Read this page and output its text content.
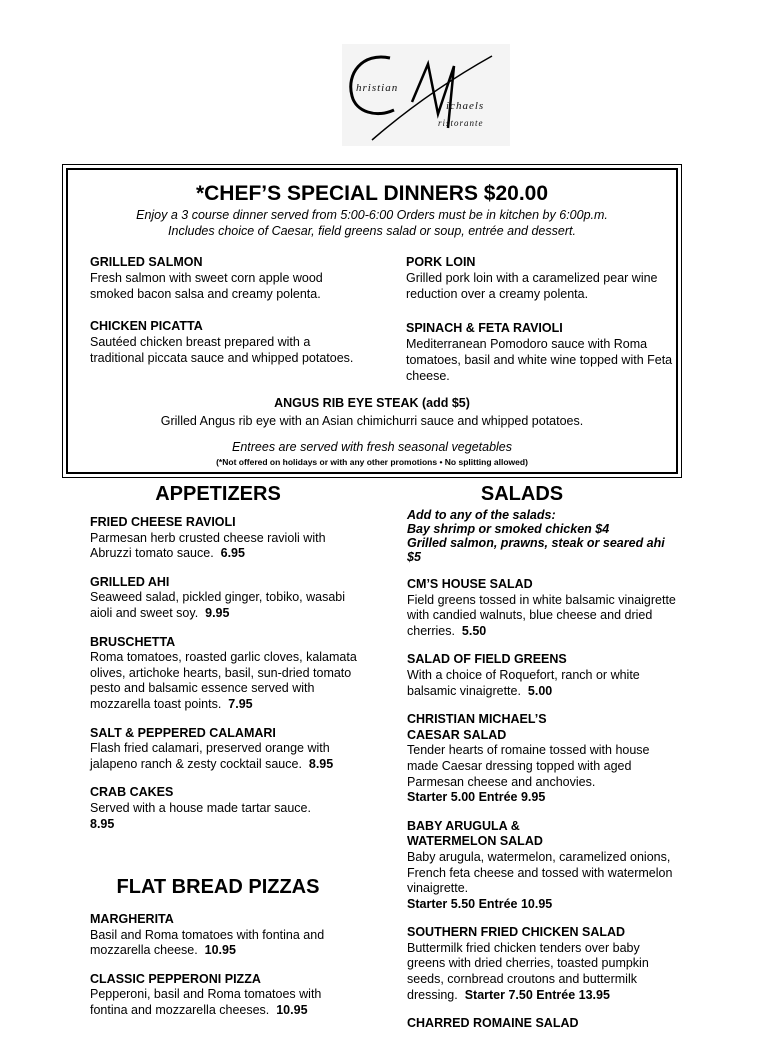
hristian
ichaels
ristorante
*CHEF’S SPECIAL DINNERS $20.00
Enjoy a 3 course dinner served from 5:00-6:00 Orders must be in kitchen by 6:00p.m.
Includes choice of Caesar, field greens salad or soup, entrée and dessert.
GRILLED SALMON
Fresh salmon with sweet corn apple wood smoked bacon salsa and creamy polenta.
PORK LOIN
Grilled pork loin with a caramelized pear wine reduction over a creamy polenta.
CHICKEN PICATTA
Sautéed chicken breast prepared with a traditional piccata sauce and whipped potatoes.
SPINACH & FETA RAVIOLI
Mediterranean Pomodoro sauce with Roma tomatoes, basil and white wine topped with Feta cheese.
ANGUS RIB EYE STEAK (add $5)
Grilled Angus rib eye with an Asian chimichurri sauce and whipped potatoes.
Entrees are served with fresh seasonal vegetables
(*Not offered on holidays or with any other promotions • No splitting allowed)
APPETIZERS
FRIED CHEESE RAVIOLI
Parmesan herb crusted cheese ravioli with Abruzzi tomato sauce. 6.95
GRILLED AHI
Seaweed salad, pickled ginger, tobiko, wasabi aioli and sweet soy. 9.95
BRUSCHETTA
Roma tomatoes, roasted garlic cloves, kalamata olives, artichoke hearts, basil, sun-dried tomato pesto and balsamic essence served with mozzarella toast points. 7.95
SALT & PEPPERED CALAMARI
Flash fried calamari, preserved orange with jalapeno ranch & zesty cocktail sauce. 8.95
CRAB CAKES
Served with a house made tartar sauce.
8.95
FLAT BREAD PIZZAS
MARGHERITA
Basil and Roma tomatoes with fontina and mozzarella cheese. 10.95
CLASSIC PEPPERONI PIZZA
Pepperoni, basil and Roma tomatoes with fontina and mozzarella cheeses. 10.95
SALADS
Add to any of the salads:
Bay shrimp or smoked chicken $4
Grilled salmon, prawns, steak or seared ahi $5
CM’S HOUSE SALAD
Field greens tossed in white balsamic vinaigrette with candied walnuts, blue cheese and dried cherries. 5.50
SALAD OF FIELD GREENS
With a choice of Roquefort, ranch or white balsamic vinaigrette. 5.00
CHRISTIAN MICHAEL’S CAESAR SALAD
Tender hearts of romaine tossed with house made Caesar dressing topped with aged Parmesan cheese and anchovies.
Starter 5.00 Entrée 9.95
BABY ARUGULA & WATERMELON SALAD
Baby arugula, watermelon, caramelized onions, French feta cheese and tossed with watermelon vinaigrette.
Starter 5.50 Entrée 10.95
SOUTHERN FRIED CHICKEN SALAD
Buttermilk fried chicken tenders over baby greens with dried cherries, toasted pumpkin seeds, cornbread croutons and buttermilk dressing. Starter 7.50 Entrée 13.95
CHARRED ROMAINE SALAD
